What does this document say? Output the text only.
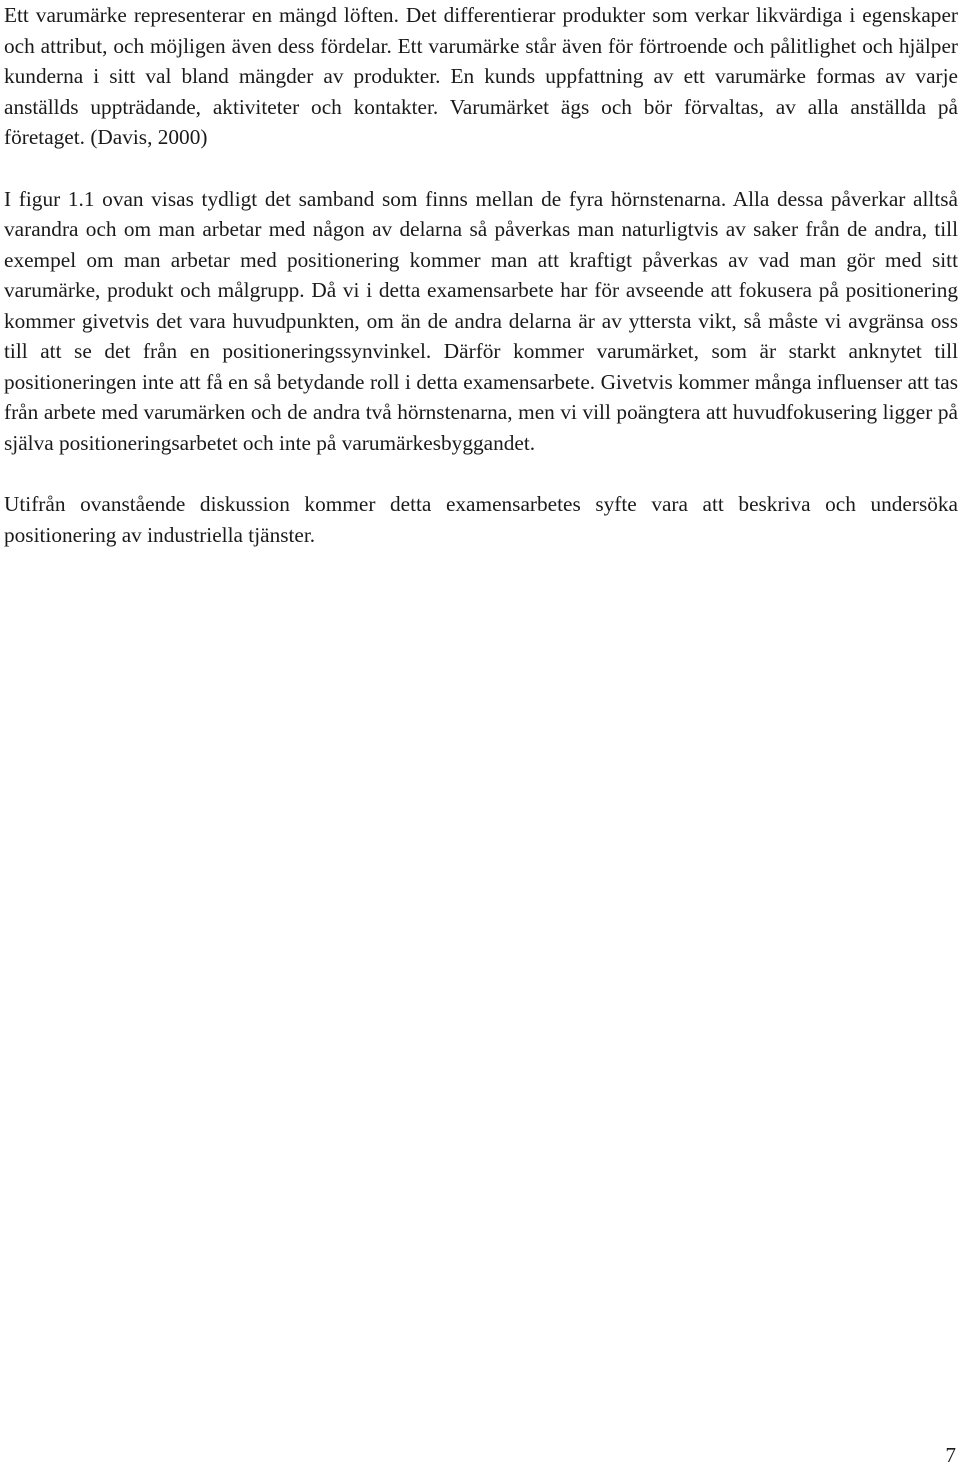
Ett varumärke representerar en mängd löften. Det differentierar produkter som verkar likvärdiga i egenskaper och attribut, och möjligen även dess fördelar. Ett varumärke står även för förtroende och pålitlighet och hjälper kunderna i sitt val bland mängder av produkter. En kunds uppfattning av ett varumärke formas av varje anställds uppträdande, aktiviteter och kontakter. Varumärket ägs och bör förvaltas, av alla anställda på företaget. (Davis, 2000)

I figur 1.1 ovan visas tydligt det samband som finns mellan de fyra hörnstenarna. Alla dessa påverkar alltså varandra och om man arbetar med någon av delarna så påverkas man naturligtvis av saker från de andra, till exempel om man arbetar med positionering kommer man att kraftigt påverkas av vad man gör med sitt varumärke, produkt och målgrupp. Då vi i detta examensarbete har för avseende att fokusera på positionering kommer givetvis det vara huvudpunkten, om än de andra delarna är av yttersta vikt, så måste vi avgränsa oss till att se det från en positioneringssynvinkel. Därför kommer varumärket, som är starkt anknytet till positioneringen inte att få en så betydande roll i detta examensarbete. Givetvis kommer många influenser att tas från arbete med varumärken och de andra två hörnstenarna, men vi vill poängtera att huvudfokusering ligger på själva positioneringsarbetet och inte på varumärkesbyggandet.

Utifrån ovanstående diskussion kommer detta examensarbetes syfte vara att beskriva och undersöka positionering av industriella tjänster.

7
